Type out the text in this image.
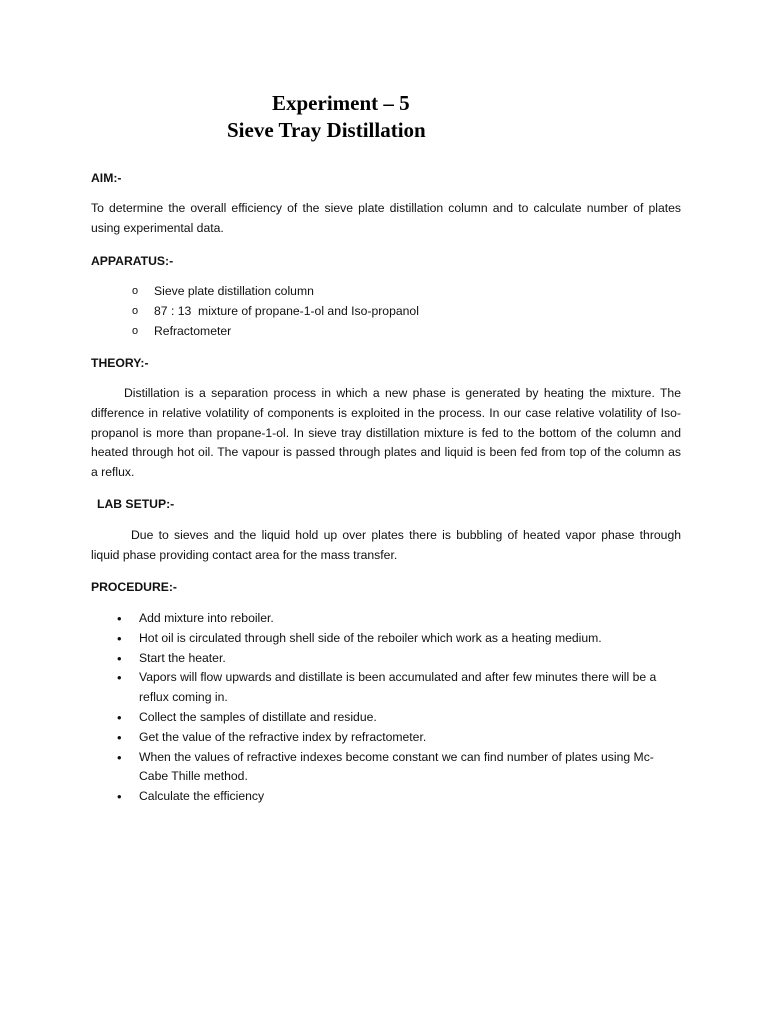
Experiment – 5
Sieve Tray Distillation
AIM:-
To determine the overall efficiency of the sieve plate distillation column and to calculate number of plates using experimental data.
APPARATUS:-
o Sieve plate distillation column
o 87 : 13  mixture of propane-1-ol and Iso-propanol
o Refractometer
THEORY:-
Distillation is a separation process in which a new phase is generated by heating the mixture. The difference in relative volatility of components is exploited in the process. In our case relative volatility of Iso-propanol is more than propane-1-ol. In sieve tray distillation mixture is fed to the bottom of the column and heated through hot oil. The vapour is passed through plates and liquid is been fed from top of the column as a reflux.
LAB SETUP:-
Due to sieves and the liquid hold up over plates there is bubbling of heated vapor phase through liquid phase providing contact area for the mass transfer.
PROCEDURE:-
• Add mixture into reboiler.
• Hot oil is circulated through shell side of the reboiler which work as a heating medium.
• Start the heater.
• Vapors will flow upwards and distillate is been accumulated and after few minutes there will be a reflux coming in.
• Collect the samples of distillate and residue.
• Get the value of the refractive index by refractometer.
• When the values of refractive indexes become constant we can find number of plates using Mc-Cabe Thille method.
• Calculate the efficiency
